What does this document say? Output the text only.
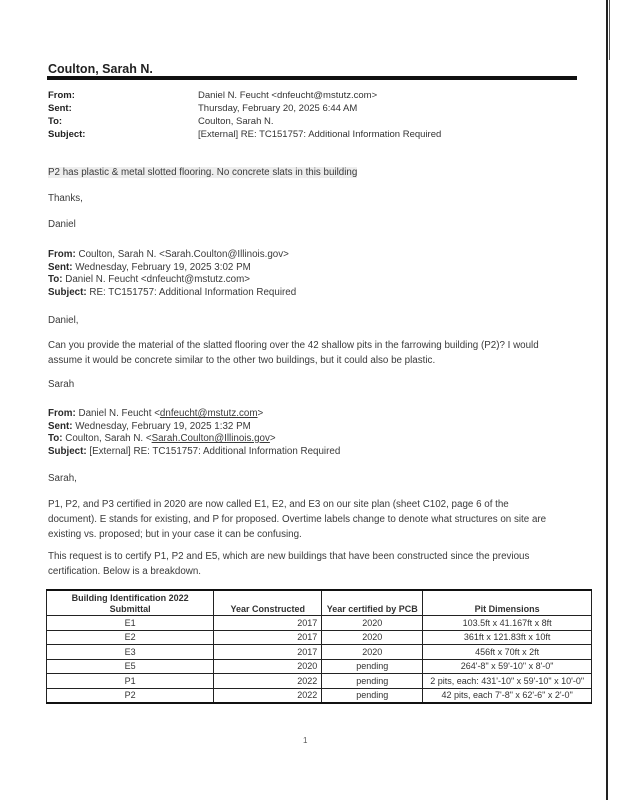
Coulton, Sarah N.
From:	Daniel N. Feucht <dnfeucht@mstutz.com>
Sent:	Thursday, February 20, 2025 6:44 AM
To:	Coulton, Sarah N.
Subject:	[External] RE: TC151757: Additional Information Required
P2 has plastic & metal slotted flooring. No concrete slats in this building
Thanks,
Daniel
From: Coulton, Sarah N. <Sarah.Coulton@Illinois.gov>
Sent: Wednesday, February 19, 2025 3:02 PM
To: Daniel N. Feucht <dnfeucht@mstutz.com>
Subject: RE: TC151757: Additional Information Required
Daniel,
Can you provide the material of the slatted flooring over the 42 shallow pits in the farrowing building (P2)? I would assume it would be concrete similar to the other two buildings, but it could also be plastic.
Sarah
From: Daniel N. Feucht <dnfeucht@mstutz.com>
Sent: Wednesday, February 19, 2025 1:32 PM
To: Coulton, Sarah N. <Sarah.Coulton@Illinois.gov>
Subject: [External] RE: TC151757: Additional Information Required
Sarah,
P1, P2, and P3 certified in 2020 are now called E1, E2, and E3 on our site plan (sheet C102, page 6 of the document). E stands for existing, and P for proposed. Overtime labels change to denote what structures on site are existing vs. proposed; but in your case it can be confusing.
This request is to certify P1, P2 and E5, which are new buildings that have been constructed since the previous certification. Below is a breakdown.
Building Identification 2022
Submittal	Year Constructed	Year certified by PCB	Pit Dimensions
E1	2017	2020	103.5ft x 41.167ft x 8ft
E2	2017	2020	361ft x 121.83ft x 10ft
E3	2017	2020	456ft x 70ft x 2ft
E5	2020	pending	264'-8" x 59'-10" x 8'-0"
P1	2022	pending	2 pits, each: 431'-10" x 59'-10" x 10'-0"
P2	2022	pending	42 pits, each 7'-8" x 62'-6" x 2'-0"
1
